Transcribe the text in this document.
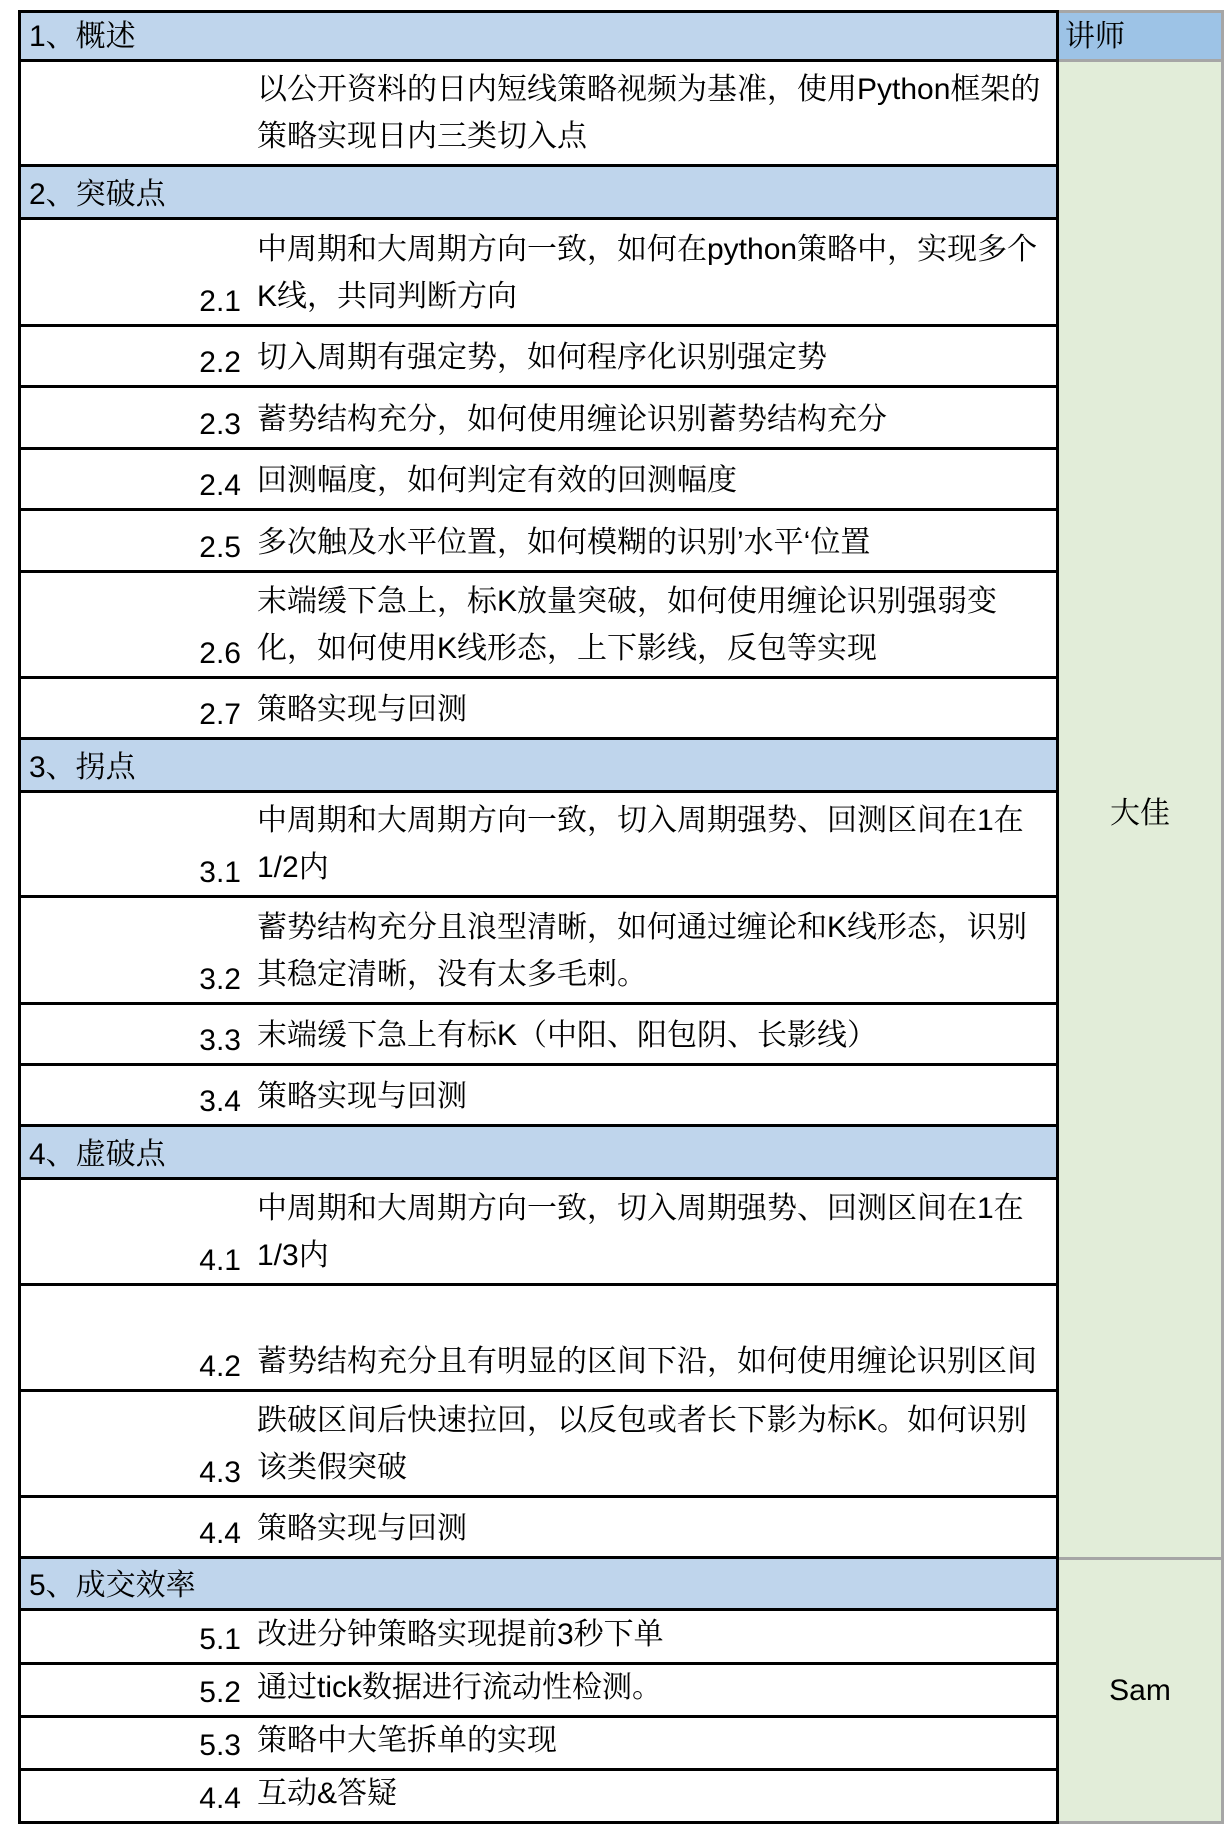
1、概述
以公开资料的日内短线策略视频为基准，使用Python框架的策略实现日内三类切入点
2、突破点
2.1
中周期和大周期方向一致，如何在python策略中，实现多个K线，共同判断方向
2.2 切入周期有强定势，如何程序化识别强定势
2.3 蓄势结构充分，如何使用缠论识别蓄势结构充分
2.4 回测幅度，如何判定有效的回测幅度
2.5 多次触及水平位置，如何模糊的识别’水平‘位置
2.6
末端缓下急上，标K放量突破，如何使用缠论识别强弱变化，如何使用K线形态，上下影线，反包等实现
2.7 策略实现与回测
3、拐点
3.1
中周期和大周期方向一致，切入周期强势、回测区间在1在1/2内
3.2
蓄势结构充分且浪型清晰，如何通过缠论和K线形态，识别其稳定清晰，没有太多毛刺。
3.3 末端缓下急上有标K（中阳、阳包阴、长影线）
3.4 策略实现与回测
4、虚破点
4.1
中周期和大周期方向一致，切入周期强势、回测区间在1在1/3内
4.2 蓄势结构充分且有明显的区间下沿，如何使用缠论识别区间
4.3
跌破区间后快速拉回，以反包或者长下影为标K。如何识别该类假突破
4.4 策略实现与回测
5、成交效率
5.1 改进分钟策略实现提前3秒下单
5.2 通过tick数据进行流动性检测。
5.3 策略中大笔拆单的实现
4.4 互动&答疑
讲师
大佳
Sam
